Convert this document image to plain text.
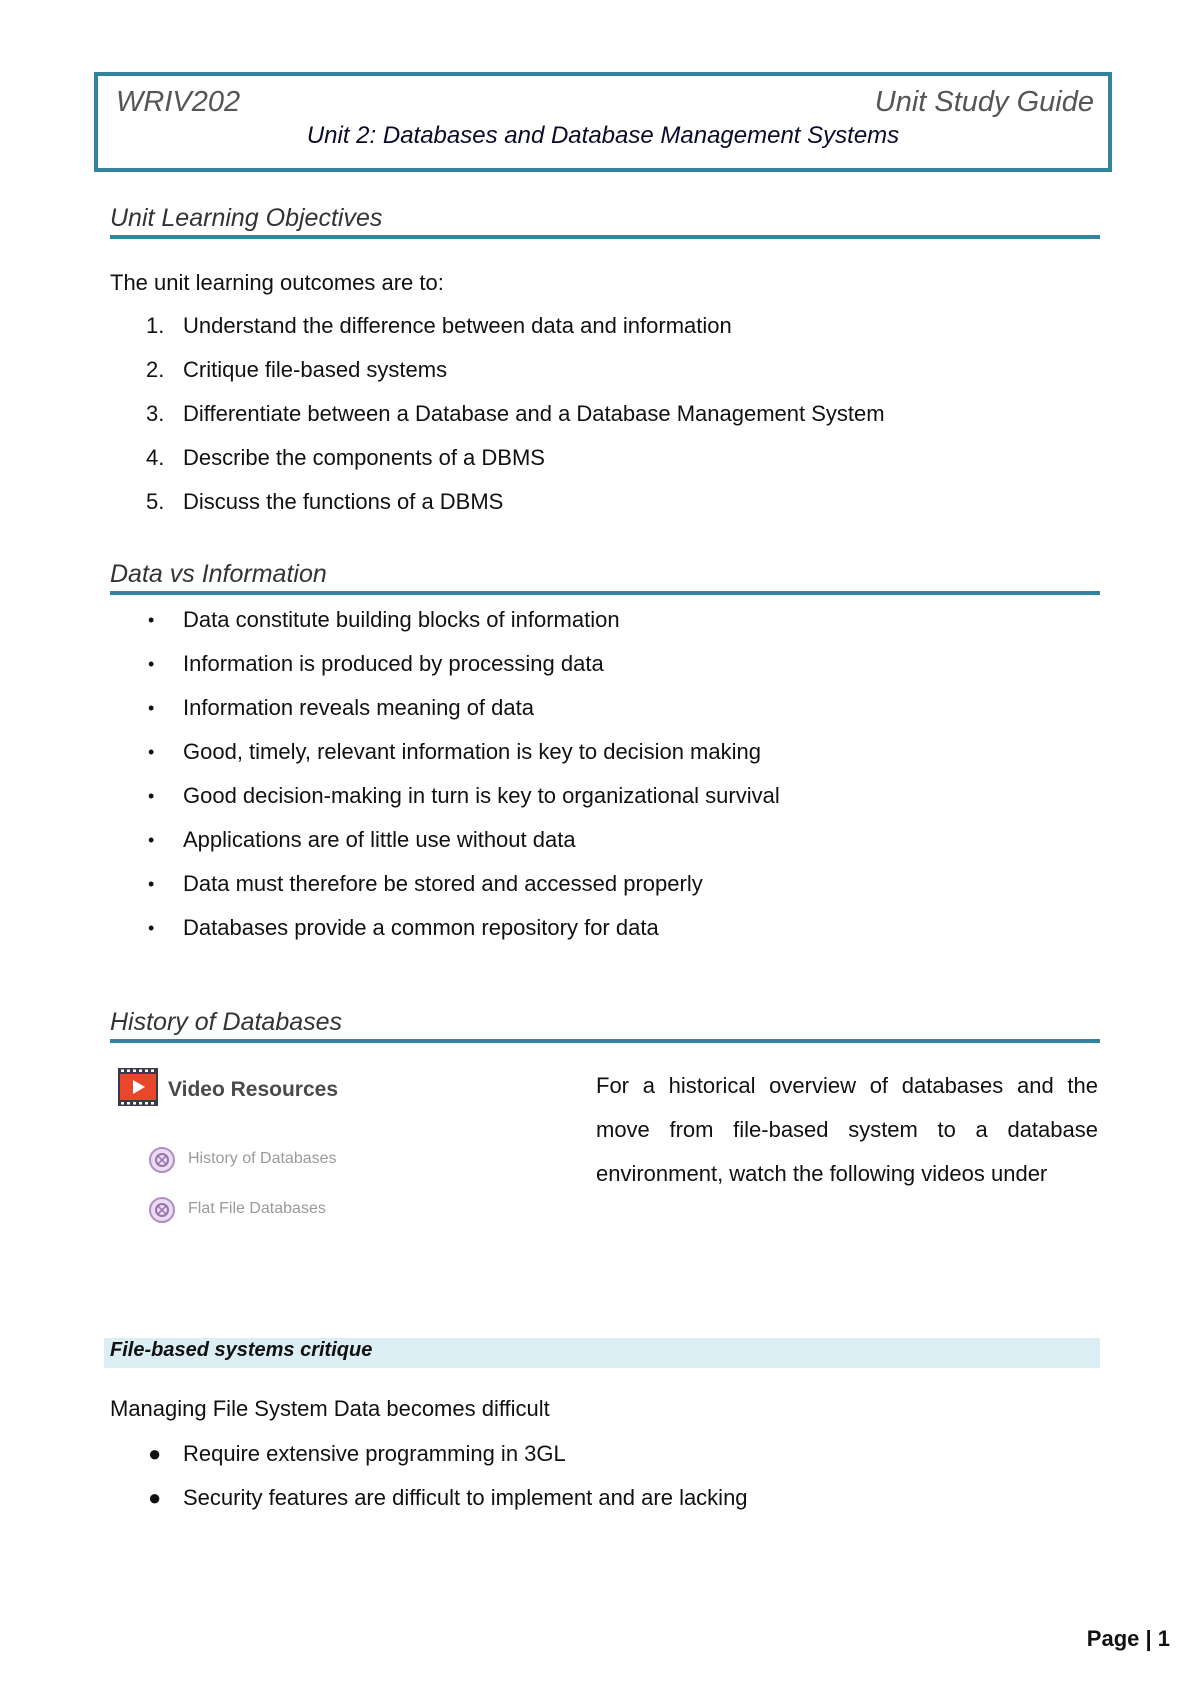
WRIV202	Unit Study Guide
Unit 2: Databases and Database Management Systems
Unit Learning Objectives
The unit learning outcomes are to:
1. Understand the difference between data and information
2. Critique file-based systems
3. Differentiate between a Database and a Database Management System
4. Describe the components of a DBMS
5. Discuss the functions of a DBMS
Data vs Information
• Data constitute building blocks of information
• Information is produced by processing data
• Information reveals meaning of data
• Good, timely, relevant information is key to decision making
• Good decision-making in turn is key to organizational survival
• Applications are of little use without data
• Data must therefore be stored and accessed properly
• Databases provide a common repository for data
History of Databases
Video Resources
History of Databases
Flat File Databases
For a historical overview of databases and the move from file-based system to a database environment, watch the following videos under
File-based systems critique
Managing File System Data becomes difficult
● Require extensive programming in 3GL
● Security features are difficult to implement and are lacking
Page | 1
